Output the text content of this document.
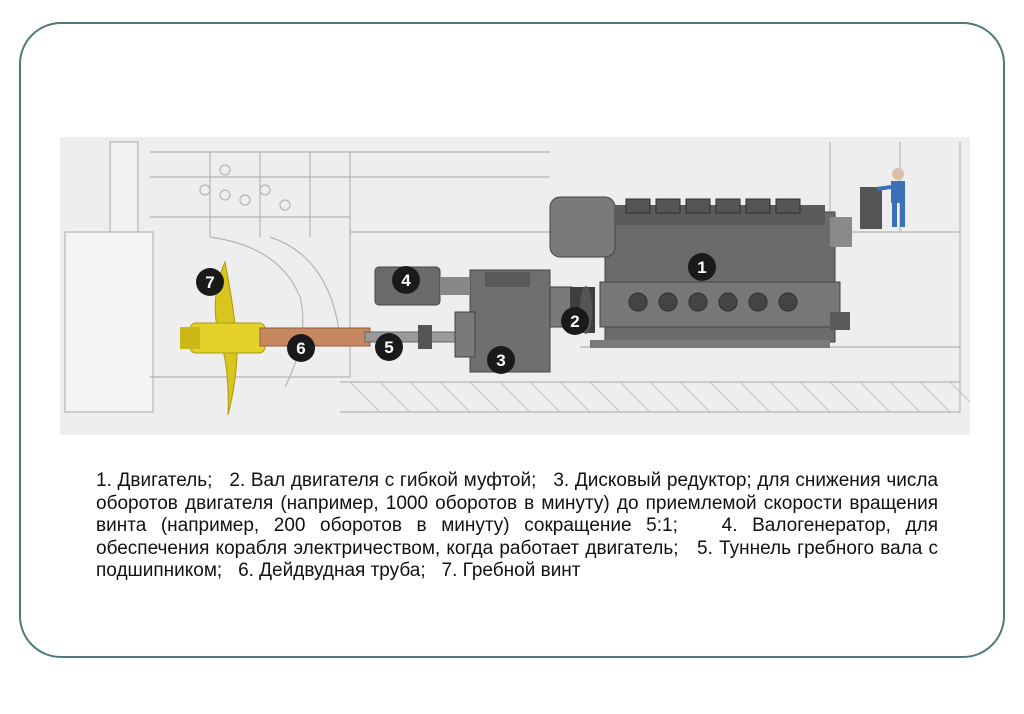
1
2
3
4
5
6
7
1. Двигатель; 2. Вал двигателя с гибкой муфтой; 3. Дисковый редуктор; для снижения числа оборотов двигателя (например, 1000 оборотов в минуту) до приемлемой скорости вращения винта (например, 200 оборотов в минуту) сокращение 5:1; 4. Валогенератор, для обеспечения корабля электричеством, когда работает двигатель; 5. Туннель гребного вала с подшипником; 6. Дейдвудная труба; 7. Гребной винт
